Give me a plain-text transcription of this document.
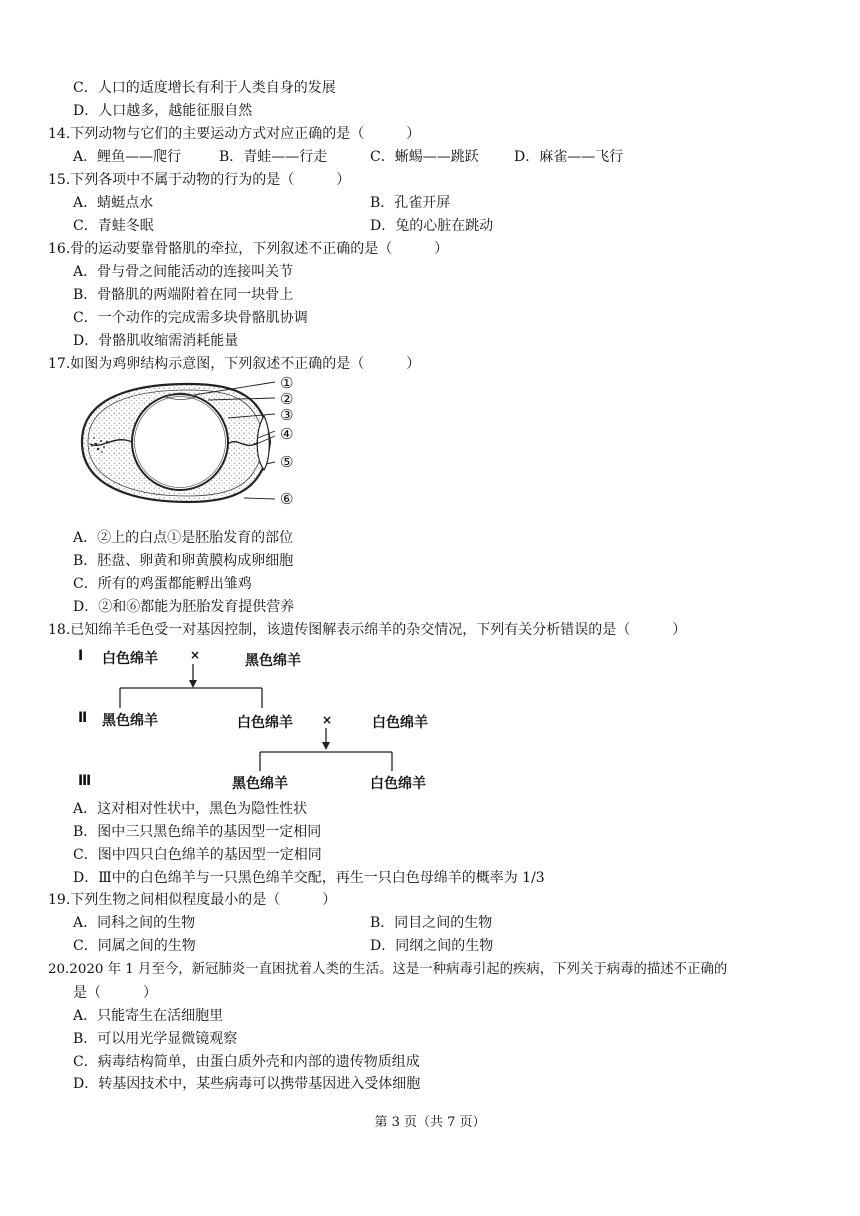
C．人口的适度增长有利于人类自身的发展
D．人口越多，越能征服自然
14.下列动物与它们的主要运动方式对应正确的是（　　　）
A．鲤鱼——爬行	B．青蛙——行走	C．蜥蜴——跳跃	D．麻雀——飞行
15.下列各项中不属于动物的行为的是（　　　）
A．蜻蜓点水	B．孔雀开屏
C．青蛙冬眠	D．兔的心脏在跳动
16.骨的运动要靠骨骼肌的牵拉，下列叙述不正确的是（　　　）
A．骨与骨之间能活动的连接叫关节
B．骨骼肌的两端附着在同一块骨上
C．一个动作的完成需多块骨骼肌协调
D．骨骼肌收缩需消耗能量
17.如图为鸡卵结构示意图，下列叙述不正确的是（　　　）
①
②
③
④
⑤
⑥
A．②上的白点①是胚胎发育的部位
B．胚盘、卵黄和卵黄膜构成卵细胞
C．所有的鸡蛋都能孵出雏鸡
D．②和⑥都能为胚胎发育提供营养
18.已知绵羊毛色受一对基因控制，该遗传图解表示绵羊的杂交情况，下列有关分析错误的是（　　　）
Ⅰ 白色绵羊	×	黑色绵羊
Ⅱ 黑色绵羊	白色绵羊 ×	白色绵羊
Ⅲ	黑色绵羊	白色绵羊
A．这对相对性状中，黑色为隐性性状
B．图中三只黑色绵羊的基因型一定相同
C．图中四只白色绵羊的基因型一定相同
D．Ⅲ中的白色绵羊与一只黑色绵羊交配，再生一只白色母绵羊的概率为 1/3
19.下列生物之间相似程度最小的是（　　　）
A．同科之间的生物	B．同目之间的生物
C．同属之间的生物	D．同纲之间的生物
20.2020 年 1 月至今，新冠肺炎一直困扰着人类的生活。这是一种病毒引起的疾病，下列关于病毒的描述不正确的
是（　　　）
A．只能寄生在活细胞里
B．可以用光学显微镜观察
C．病毒结构简单，由蛋白质外壳和内部的遗传物质组成
D．转基因技术中，某些病毒可以携带基因进入受体细胞
第 3 页（共 7 页）
